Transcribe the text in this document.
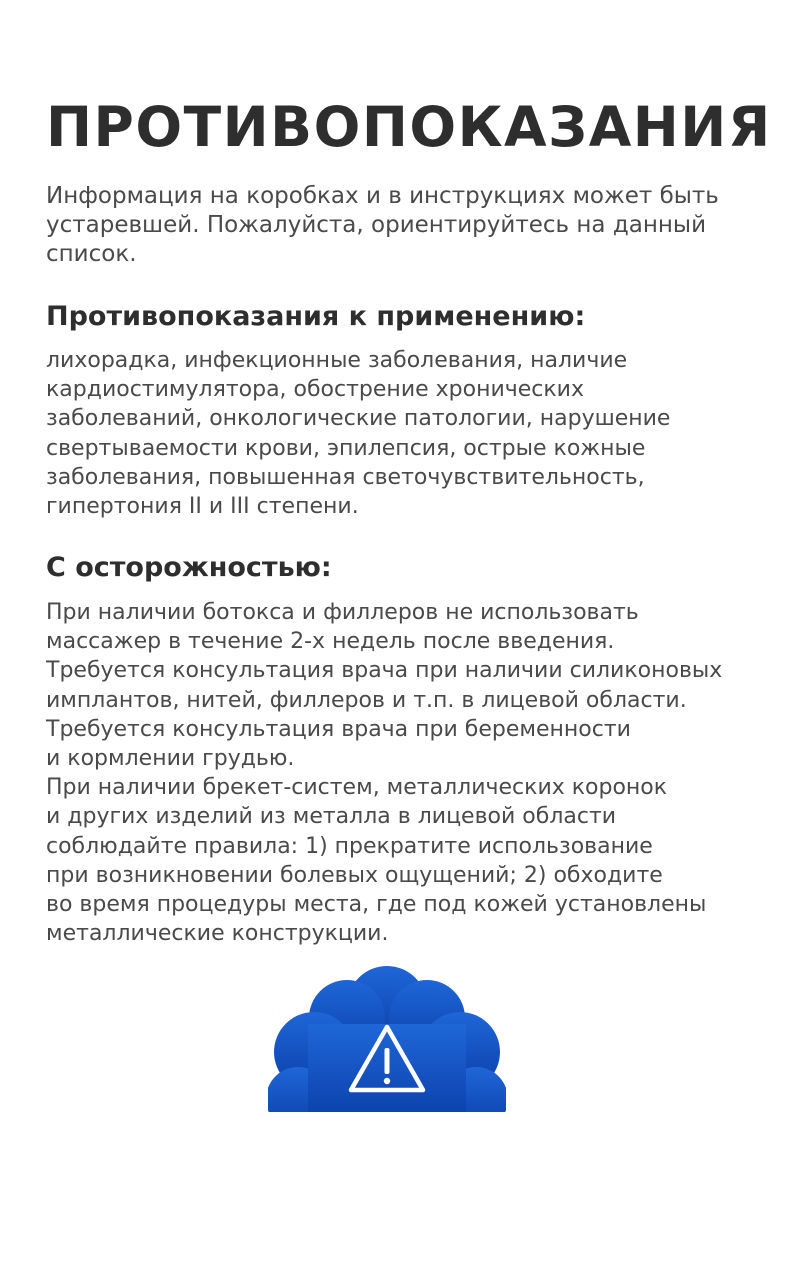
ПРОТИВОПОКАЗАНИЯ

Информация на коробках и в инструкциях может быть
устаревшей. Пожалуйста, ориентируйтесь на данный
список.

Противопоказания к применению:

лихорадка, инфекционные заболевания, наличие
кардиостимулятора, обострение хронических
заболеваний, онкологические патологии, нарушение
свертываемости крови, эпилепсия, острые кожные
заболевания, повышенная светочувствительность,
гипертония II и III степени.

С осторожностью:

При наличии ботокса и филлеров не использовать
массажер в течение 2-х недель после введения.
Требуется консультация врача при наличии силиконовых
имплантов, нитей, филлеров и т.п. в лицевой области.
Требуется консультация врача при беременности
и кормлении грудью.
При наличии брекет-систем, металлических коронок
и других изделий из металла в лицевой области
соблюдайте правила: 1) прекратите использование
при возникновении болевых ощущений; 2) обходите
во время процедуры места, где под кожей установлены
металлические конструкции.
